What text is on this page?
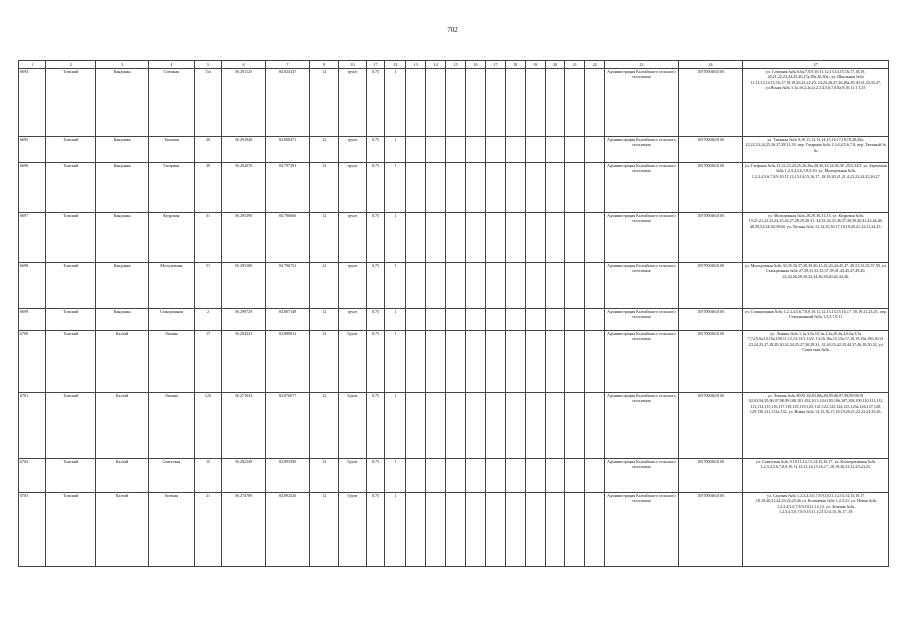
702
1	2	3	4	5	6	7	9	10	17	12	13	14	15	16	17	18	19	20	21	22	23	24	27
6694	Томский	Кандинка	Союзная	11а	56.291125	84.824347	12	грунт	0,75	1											Администрация Калтайского сельского поселения	1057000463100	ул. Союзная №№ 6,6а,7,8,9,10,11,12,13,14,15,16,17,18,19, 20,21,22,23,24,25,26,27а,28а,26,30а,, ул. Школьная №№ 11,12,13,14,15,16,17,18,19,20,21,22,23, 24,25,26,27,26,28а,29,30,31,33,35,37, ул.Ясная №№ 1,1а,1б,2,2г,2г,2,3,4,5,6,7,8,8а,9,10,11,1 3,15
6695	Томский	Кандинка	Таежная	26	56.291940	84.800471	12	грунт	0,75	1											Администрация Калтайского сельского поселения	1057000463100	ул. Таежная №№ 9,10,11,12,13,14,15,16,17,18,19,20,20а, 22,22,23,24,25,26,27,29,31,33, пер. Гагарина №№ 1,3,4,4,5,6,7,8, пер. Таежный №№
6696	Томский	Кандинка	Гагарина	39	56.292076	84.797291	12	грунт	0,75	1											Администрация Калтайского сельского поселения	1057000463100	ул. Гагарина №№ 21,22,23,24,25,26,26а,28,30,32,34,36,38 ,25/2,34/2, ул. Березовая №№ 1,2,3,4,5,6,7,8,9,10, ул. Молодежная №№ 1,2,3,4,5,6,7,8,9,10,11,12,13,14,15,16,17 ,18,19,20,21,21,4,23,23,24,25,26,27
6697	Томский	Кандинка	Кедровая	31	56.295390	84.796666	12	грунт	0,75	1											Администрация Калтайского сельского поселения	1057000463100	ул. Молодежная №№ 28,29,30,31,33, ул. Кедровая №№ 19,21,21,22,23,24,25,26,27,28,29,30,31, 32,33,34,35,36,37,38,39,40,41,42,44,46, 48,50,52,54,56,58,60, ул. Лесная №№ 13,14,15,16,17,18,19,20,21,22,23,24,25,
6698	Томский	Кандинка	Молодежная	51	56.293180	84.796731	12	грунт	0,75	1											Администрация Калтайского сельского поселения	1057000463100	ул. Молодежная №№ 34,35,36,37,38,39,40,41,42,43,44,45,47, 49,51,53,55,57,59, ул. Станционная №№ 27,29,31,33,35,37,39,41,43,45,47,49,20, 22,24,26,28,30,32,34,36,38,40,42,44,46,
6699	Томский	Кандинка	Станционная	2	56.299729	84.807148	12	грунт	0,75	1											Администрация Калтайского сельского поселения	1057000463100	ул. Станционная №№ 1,2,3,4,5,6,7,8,9,10,11,12,13,14,15,16,17 ,18,19,21,23,25, пер. Станционный №№ 1,3,5,7,9,11
6700	Томский	Калтай	Ленина	17	56.294323	84.880812	12	Грунт	0,75	1											Администрация Калтайского сельского поселения	1057000463100	ул. Ленина №№ 1,1а,3,5а,1б,1в,2,2а,2б,2в,4,6,6а,5,5а 7,7а,9,9а,10,10а,10б,11,12,13,13/1,13/2, 14,16,16а,15,15а,17,18,19,19а,19б,20,21 ,23,24,25,27,28,29,30,32,34,25,27,30,29,31, 31,40,33,42,35,44,37,46,39,50,52, ул. Советская №№
6701	Томский	Калтай	Ленина	123	56.271634	84.870677	12	Грунт	0,75	1											Администрация Калтайского сельского поселения	1057000463100	ул. Ленина №№ 80,81,82,83,80а,84,85,86,87,88,89,90,91 ,92,93,94,95,96,97,98,99,100,101,102,10 3,104,105,106,107,108,109,110,111,112, 113,114,115,116,117,118,119,119,120, 121,122,123,124,125,125а,126,127,128, 129,130,131,131а,132, ул. Новая №№ 14,15,16,17,18,19,20,21,22,23,24,25,26,
6702	Томский	Калтай	Советская	15	56.282149	84.893590	12	Грунт	0,75	1											Администрация Калтайского сельского поселения	1057000463100	ул. Советская №№ 9,10,11,12,13,14,15,16,17, ул. Кооперативная №№ 1,2,3,4,5,6,7,8,9,10,11,12,13,14,15,16,17 ,18,19,20,21,22,23,24,25,
6703	Томский	Калтай	Зеленая	21	56.274789	84.892526	12	Грунт	0,75	1											Администрация Калтайского сельского поселения	1057000463100	ул. Садовая №№ 1,2,3,4,5,6,7,8,9,10,11,12,13,14,15,16,17 ,18,19,20,21,22,23,24,25,26 ул. Кольцевая №№ 1,2,3,21, ул. Новая №№ 1,2,3,4,5,6,7,8,9,10,11,12,13, ул. Зеленая №№ 1,2,3,4,5,6,7,8,9,10,11,12,13,14,15,16,17 ,18
